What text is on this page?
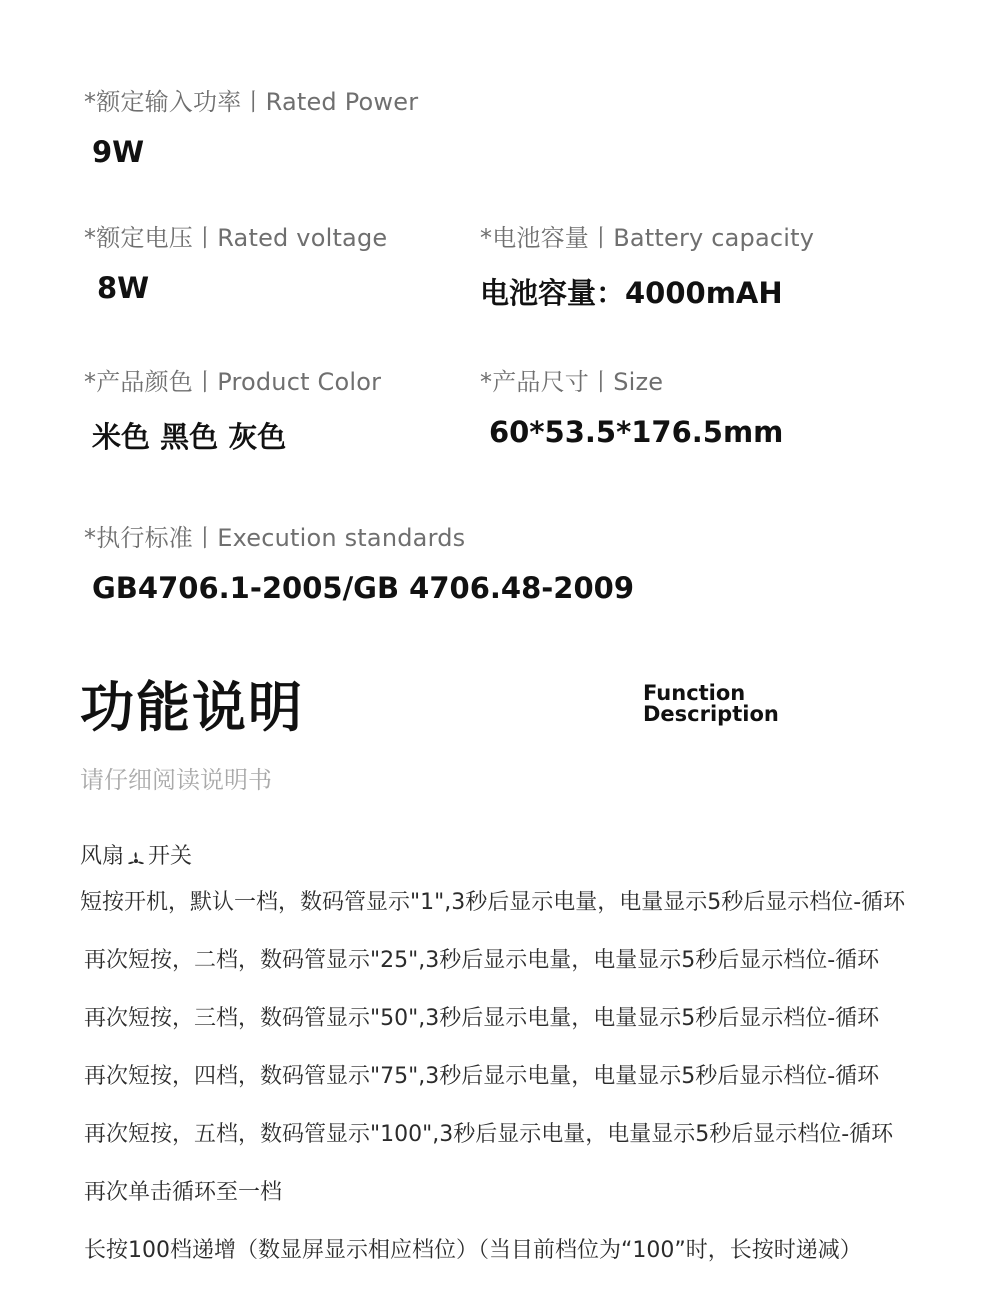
*额定输入功率丨Rated Power
9W
*额定电压丨Rated voltage
8W
*电池容量丨Battery capacity
电池容量：4000mAH
*产品颜色丨Product Color
米色 黑色 灰色
*产品尺寸丨Size
60*53.5*176.5mm
*执行标准丨Execution standards
GB4706.1-2005/GB 4706.48-2009
功能说明	Function
Description
请仔细阅读说明书
风扇 开关
短按开机，默认一档，数码管显示"1",3秒后显示电量，电量显示5秒后显示档位-循环
再次短按，二档，数码管显示"25",3秒后显示电量，电量显示5秒后显示档位-循环
再次短按，三档，数码管显示"50",3秒后显示电量，电量显示5秒后显示档位-循环
再次短按，四档，数码管显示"75",3秒后显示电量，电量显示5秒后显示档位-循环
再次短按，五档，数码管显示"100",3秒后显示电量，电量显示5秒后显示档位-循环
再次单击循环至一档
长按100档递增（数显屏显示相应档位）（当目前档位为“100”时，长按时递减）
